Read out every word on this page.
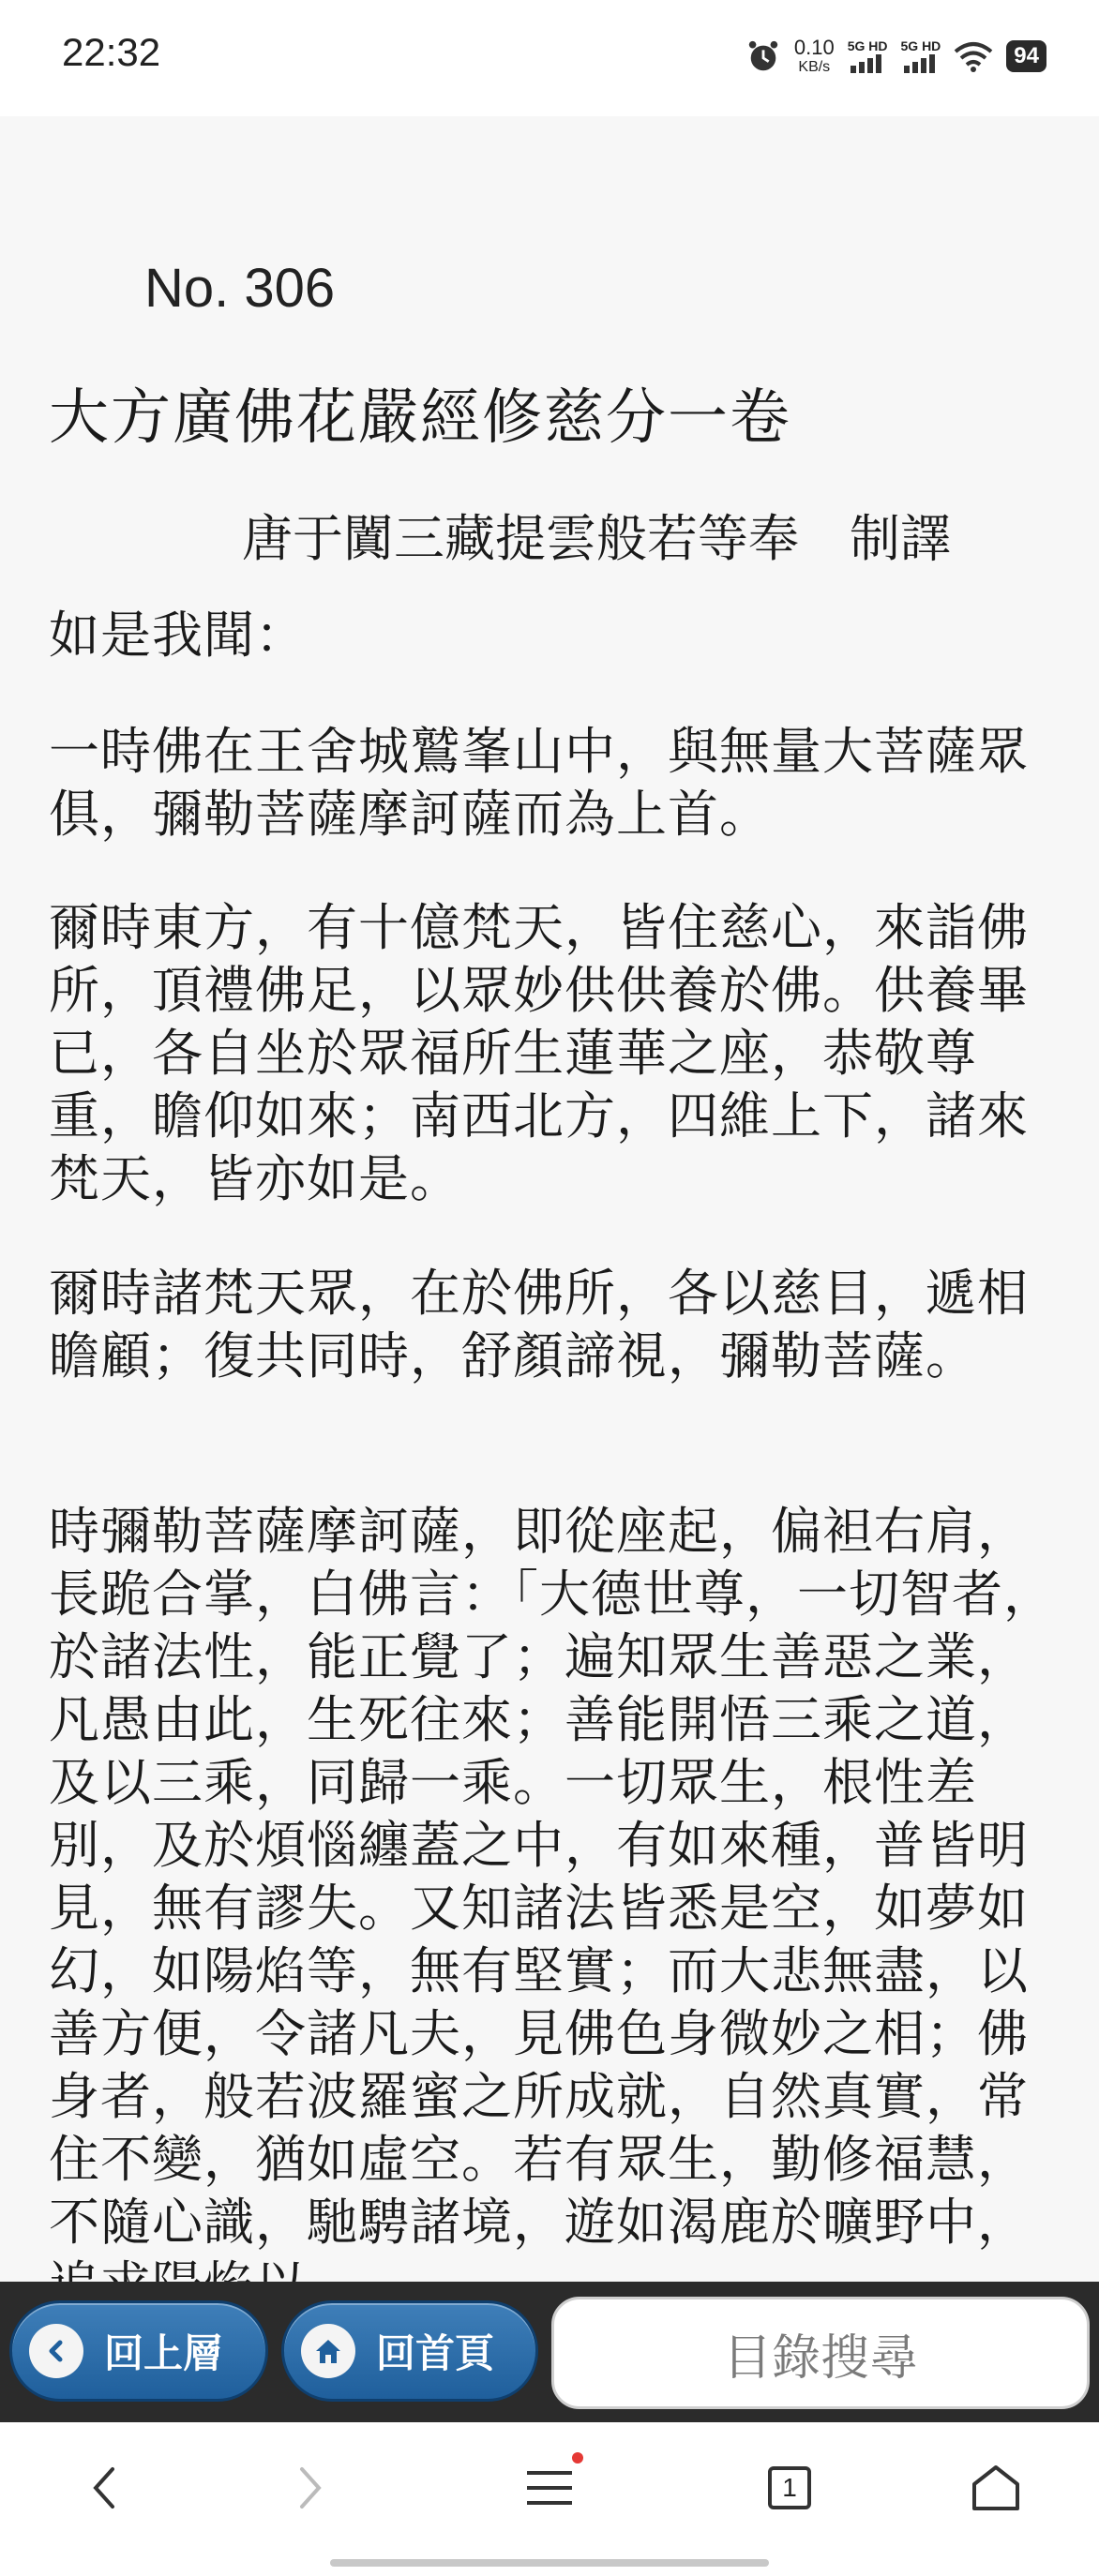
22:32	0.10
KB/s
5G HD 5G HD	94
No. 306
大方廣佛花嚴經修慈分一卷
唐于闐三藏提雲般若等奉　制譯
如是我聞：
一時佛在王舍城鷲峯山中，與無量大菩薩眾俱，彌勒菩薩摩訶薩而為上首。
爾時東方，有十億梵天，皆住慈心，來詣佛所，頂禮佛足，以眾妙供供養於佛。供養畢已，各自坐於眾福所生蓮華之座，恭敬尊重，瞻仰如來；南西北方，四維上下，諸來梵天，皆亦如是。
爾時諸梵天眾，在於佛所，各以慈目，遞相瞻顧；復共同時，舒顏諦視，彌勒菩薩。
時彌勒菩薩摩訶薩，即從座起，偏袒右肩，長跪合掌，白佛言：「大德世尊，一切智者，於諸法性，能正覺了；遍知眾生善惡之業，凡愚由此，生死往來；善能開悟三乘之道，及以三乘，同歸一乘。一切眾生，根性差別，及於煩惱纏蓋之中，有如來種，普皆明見，無有謬失。又知諸法皆悉是空，如夢如幻，如陽焰等，無有堅實；而大悲無盡，以善方便，令諸凡夫，見佛色身微妙之相；佛身者，般若波羅蜜之所成就，自然真實，常住不變，猶如虛空。若有眾生，勤修福慧，不隨心識，馳騁諸境，遊如渴鹿於曠野中，
回上層	回首頁	目錄搜尋
1
